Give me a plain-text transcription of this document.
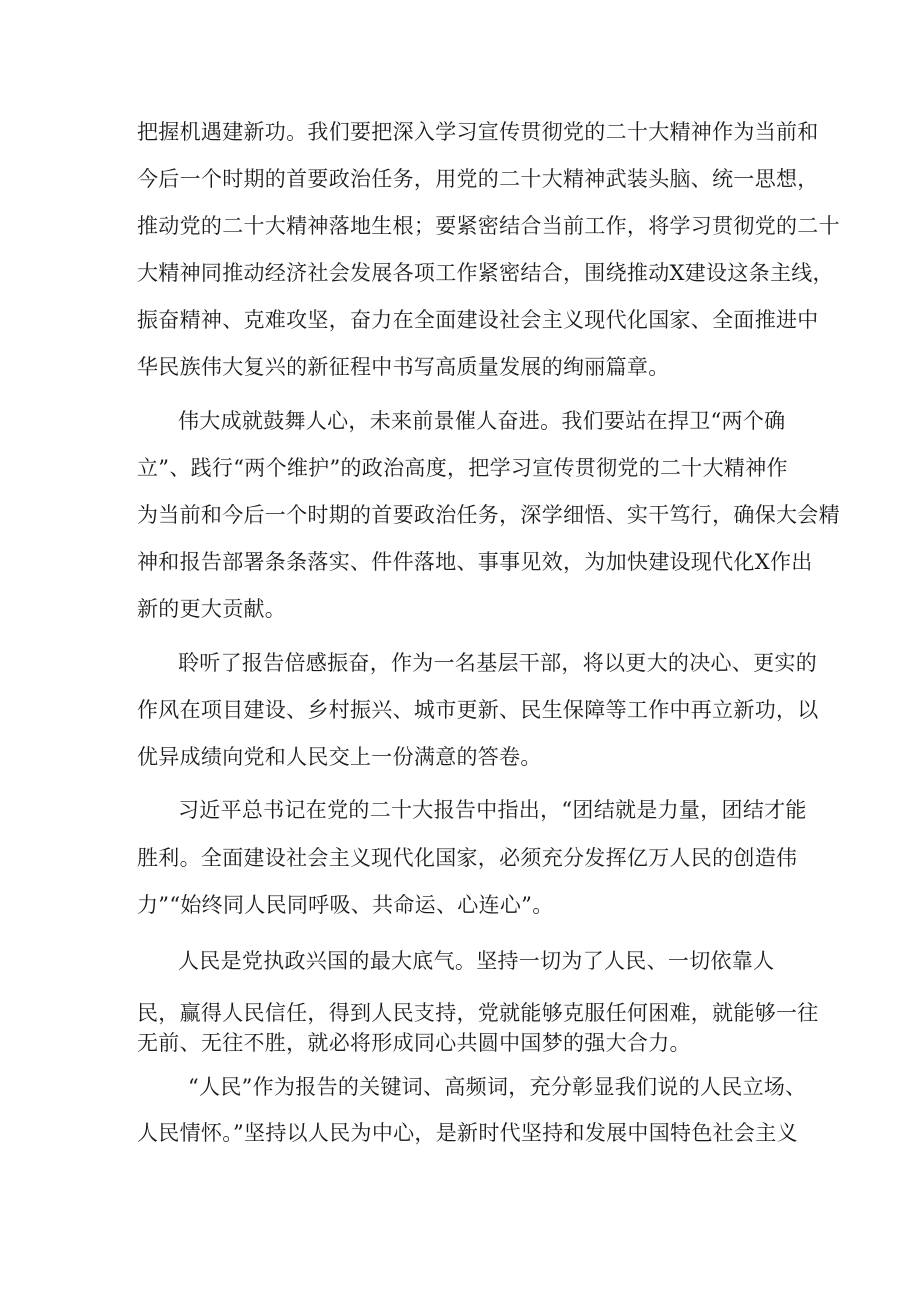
把握机遇建新功。我们要把深入学习宣传贯彻党的二十大精神作为当前和
今后一个时期的首要政治任务，用党的二十大精神武装头脑、统一思想，
推动党的二十大精神落地生根；要紧密结合当前工作，将学习贯彻党的二十
大精神同推动经济社会发展各项工作紧密结合，围绕推动X建设这条主线，
振奋精神、克难攻坚，奋力在全面建设社会主义现代化国家、全面推进中
华民族伟大复兴的新征程中书写高质量发展的绚丽篇章。
伟大成就鼓舞人心，未来前景催人奋进。我们要站在捍卫“两个确
立”、践行“两个维护”的政治高度，把学习宣传贯彻党的二十大精神作
为当前和今后一个时期的首要政治任务，深学细悟、实干笃行，确保大会精
神和报告部署条条落实、件件落地、事事见效，为加快建设现代化X作出
新的更大贡献。
聆听了报告倍感振奋，作为一名基层干部，将以更大的决心、更实的
作风在项目建设、乡村振兴、城市更新、民生保障等工作中再立新功，以
优异成绩向党和人民交上一份满意的答卷。
习近平总书记在党的二十大报告中指出，“团结就是力量，团结才能
胜利。全面建设社会主义现代化国家，必须充分发挥亿万人民的创造伟
力”“始终同人民同呼吸、共命运、心连心”。
人民是党执政兴国的最大底气。坚持一切为了人民、一切依靠人
民，赢得人民信任，得到人民支持，党就能够克服任何困难，就能够一往
无前、无往不胜，就必将形成同心共圆中国梦的强大合力。
“人民”作为报告的关键词、高频词，充分彰显我们说的人民立场、
人民情怀。”坚持以人民为中心，是新时代坚持和发展中国特色社会主义
